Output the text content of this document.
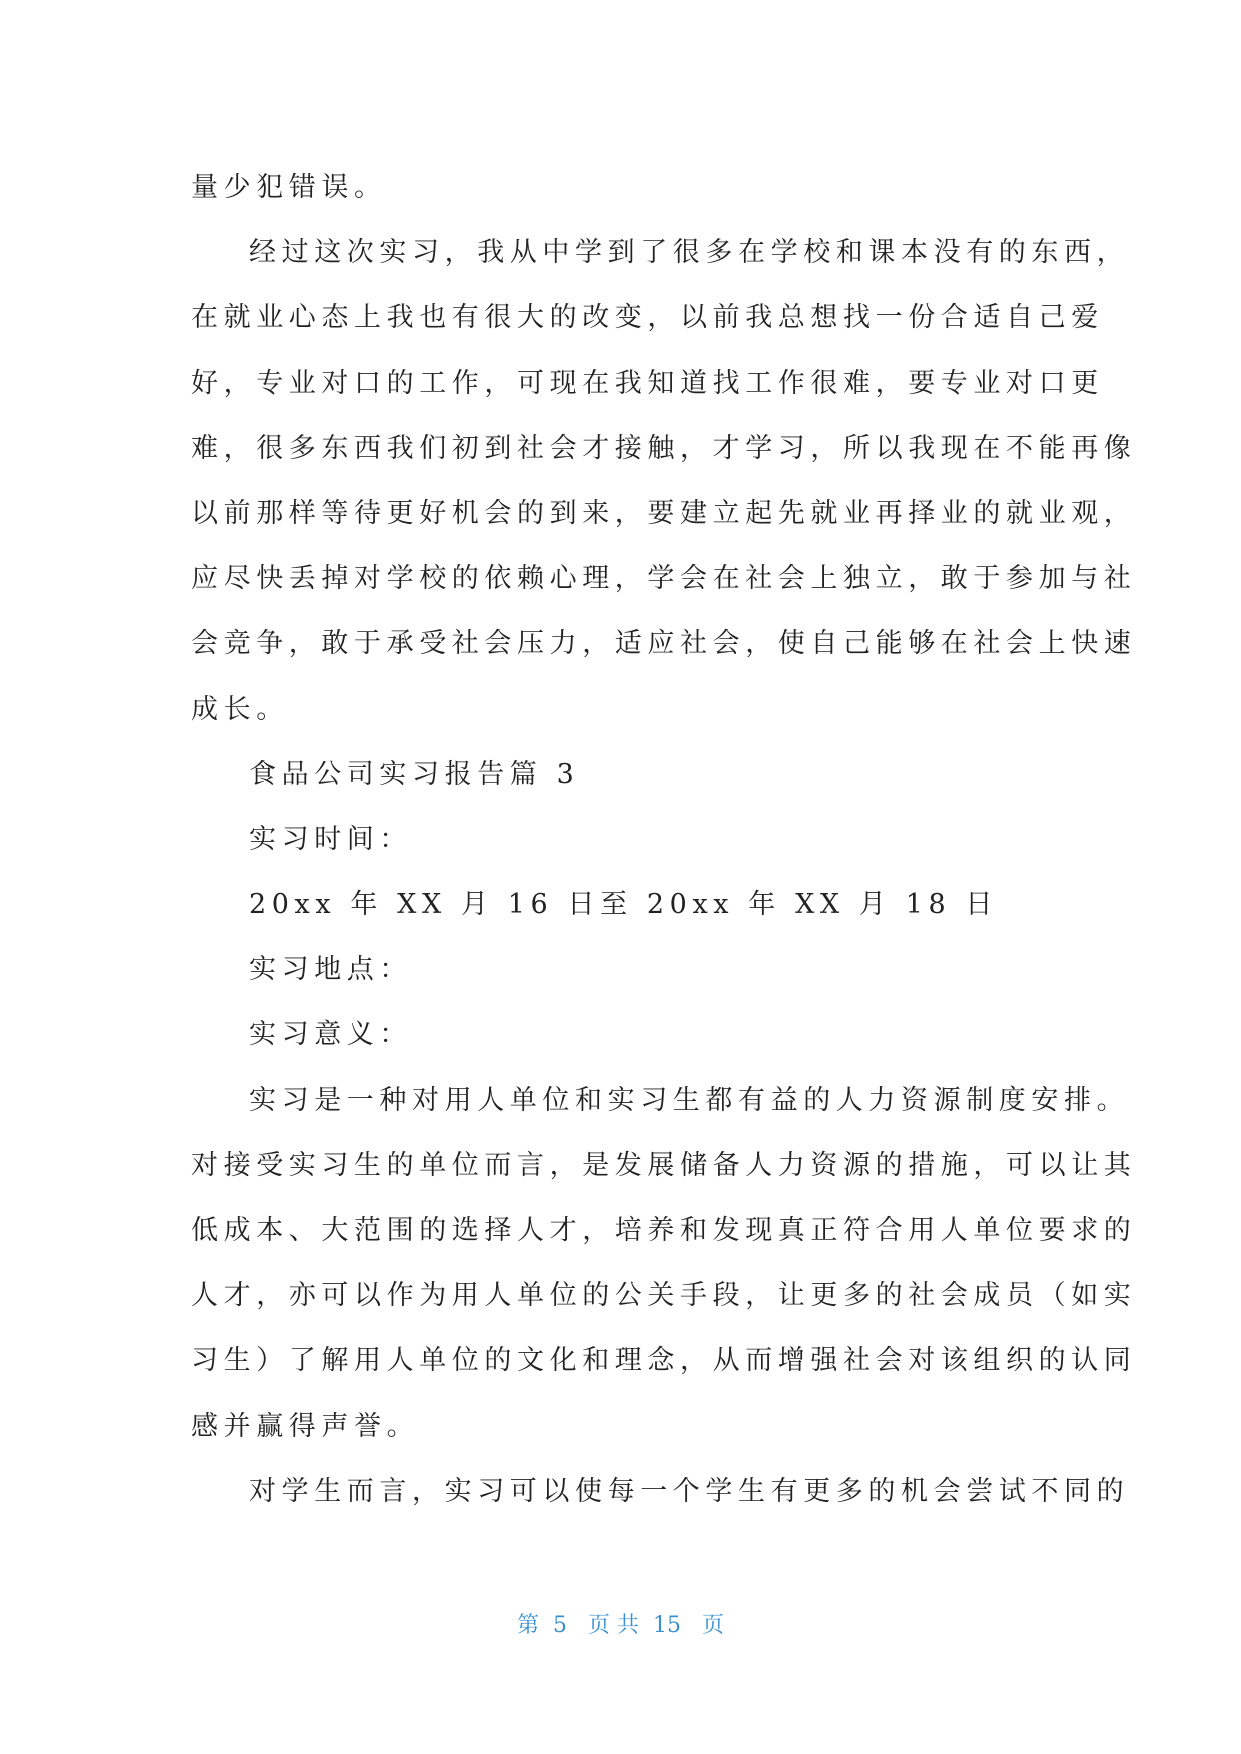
量少犯错误。
经过这次实习，我从中学到了很多在学校和课本没有的东西，
在就业心态上我也有很大的改变，以前我总想找一份合适自己爱
好，专业对口的工作，可现在我知道找工作很难，要专业对口更
难，很多东西我们初到社会才接触，才学习，所以我现在不能再像
以前那样等待更好机会的到来，要建立起先就业再择业的就业观，
应尽快丢掉对学校的依赖心理，学会在社会上独立，敢于参加与社
会竞争，敢于承受社会压力，适应社会，使自己能够在社会上快速
成长。
食品公司实习报告篇 3
实习时间：
20xx 年 XX 月 16 日至 20xx 年 XX 月 18 日
实习地点：
实习意义：
实习是一种对用人单位和实习生都有益的人力资源制度安排。
对接受实习生的单位而言，是发展储备人力资源的措施，可以让其
低成本、大范围的选择人才，培养和发现真正符合用人单位要求的
人才，亦可以作为用人单位的公关手段，让更多的社会成员（如实
习生）了解用人单位的文化和理念，从而增强社会对该组织的认同
感并赢得声誉。
对学生而言，实习可以使每一个学生有更多的机会尝试不同的
第  5   页 共  15   页
